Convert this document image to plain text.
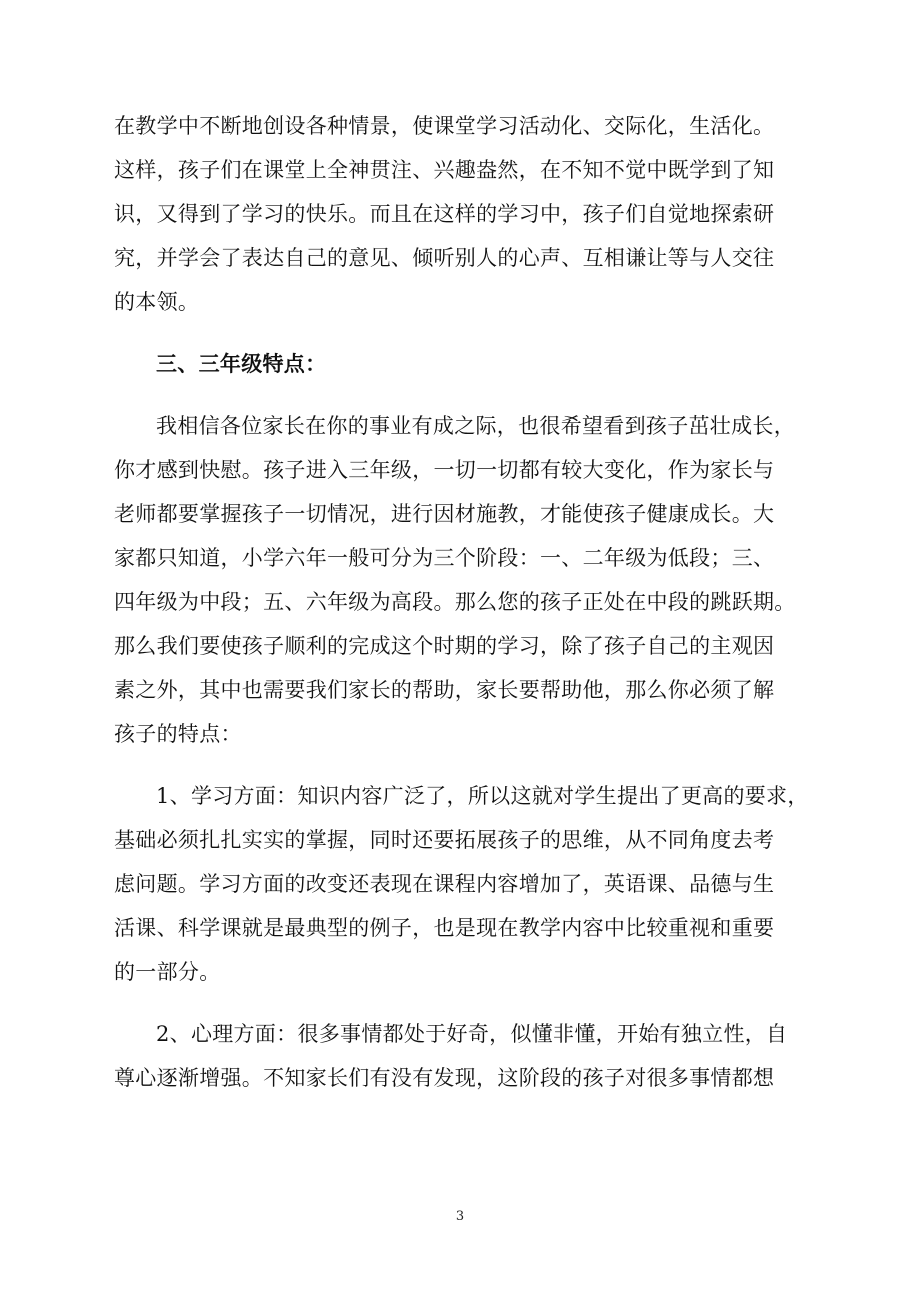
在教学中不断地创设各种情景，使课堂学习活动化、交际化，生活化。
这样，孩子们在课堂上全神贯注、兴趣盎然，在不知不觉中既学到了知
识，又得到了学习的快乐。而且在这样的学习中，孩子们自觉地探索研
究，并学会了表达自己的意见、倾听别人的心声、互相谦让等与人交往
的本领。
三、三年级特点：
我相信各位家长在你的事业有成之际，也很希望看到孩子茁壮成长，
你才感到快慰。孩子进入三年级，一切一切都有较大变化，作为家长与
老师都要掌握孩子一切情况，进行因材施教，才能使孩子健康成长。大
家都只知道，小学六年一般可分为三个阶段：一、二年级为低段；三、
四年级为中段；五、六年级为高段。那么您的孩子正处在中段的跳跃期。
那么我们要使孩子顺利的完成这个时期的学习，除了孩子自己的主观因
素之外，其中也需要我们家长的帮助，家长要帮助他，那么你必须了解
孩子的特点：
1、学习方面：知识内容广泛了，所以这就对学生提出了更高的要求，
基础必须扎扎实实的掌握，同时还要拓展孩子的思维，从不同角度去考
虑问题。学习方面的改变还表现在课程内容增加了，英语课、品德与生
活课、科学课就是最典型的例子，也是现在教学内容中比较重视和重要
的一部分。
2、心理方面：很多事情都处于好奇，似懂非懂，开始有独立性，自
尊心逐渐增强。不知家长们有没有发现，这阶段的孩子对很多事情都想
3
